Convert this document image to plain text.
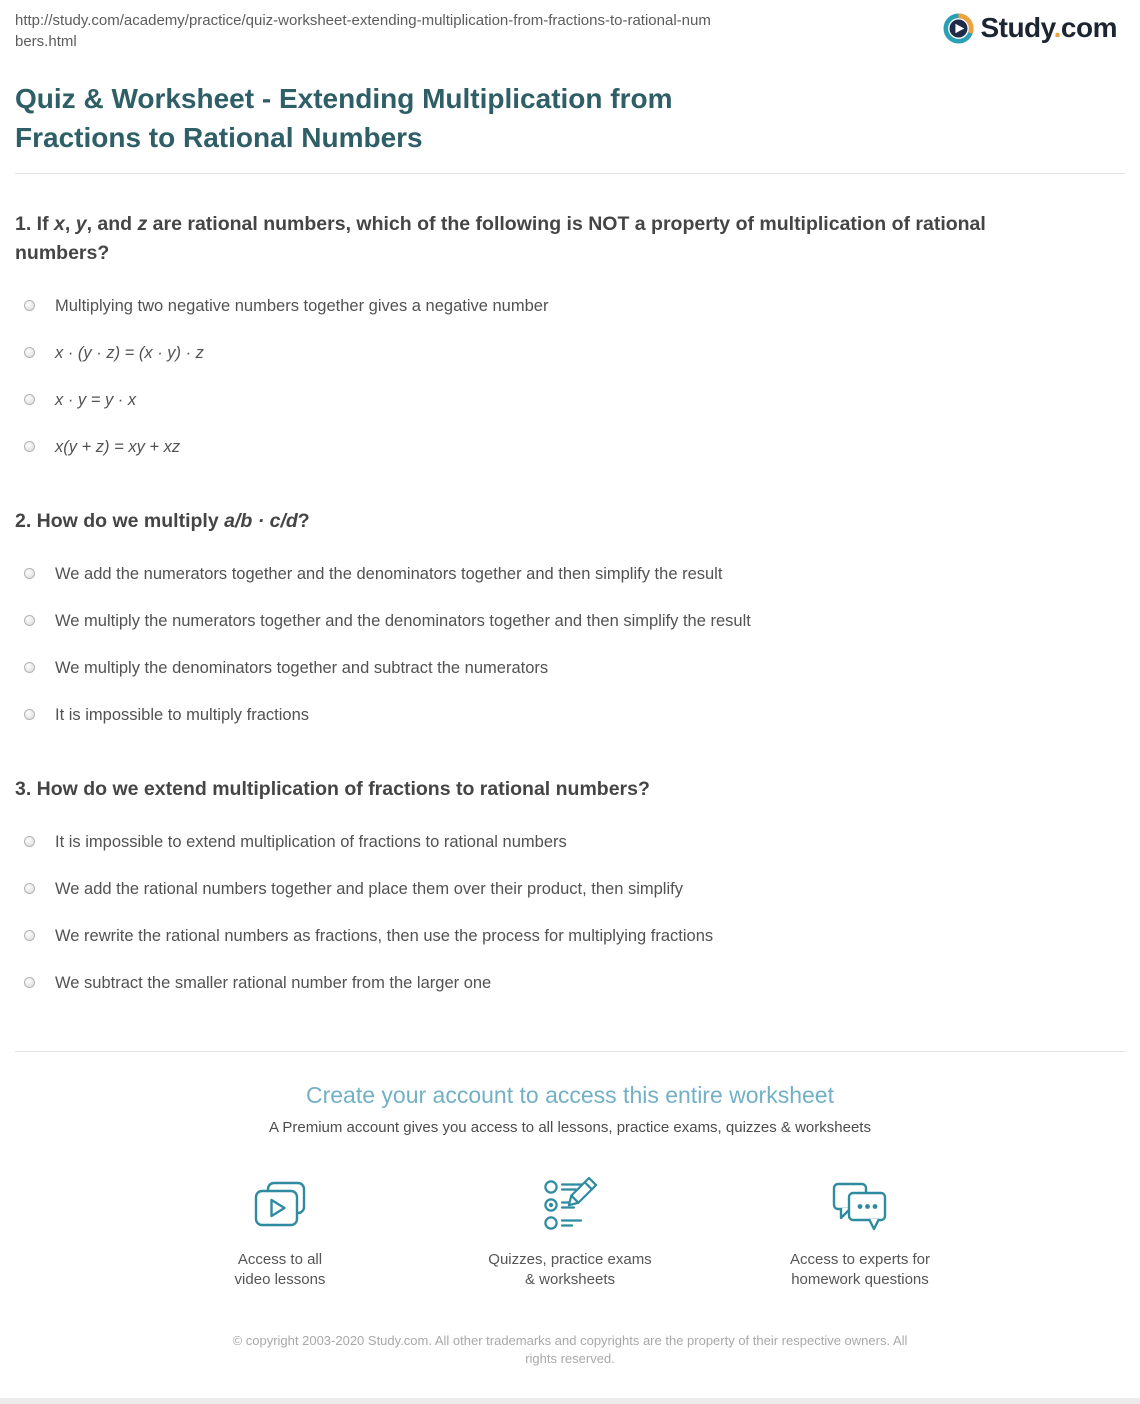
http://study.com/academy/practice/quiz-worksheet-extending-multiplication-from-fractions-to-rational-numbers.html	Study.com
Quiz & Worksheet - Extending Multiplication from Fractions to Rational Numbers
1. If x, y, and z are rational numbers, which of the following is NOT a property of multiplication of rational numbers?
Multiplying two negative numbers together gives a negative number
x · (y · z) = (x · y) · z
x · y = y · x
x(y + z) = xy + xz
2. How do we multiply a/b · c/d?
We add the numerators together and the denominators together and then simplify the result
We multiply the numerators together and the denominators together and then simplify the result
We multiply the denominators together and subtract the numerators
It is impossible to multiply fractions
3. How do we extend multiplication of fractions to rational numbers?
It is impossible to extend multiplication of fractions to rational numbers
We add the rational numbers together and place them over their product, then simplify
We rewrite the rational numbers as fractions, then use the process for multiplying fractions
We subtract the smaller rational number from the larger one
Create your account to access this entire worksheet
A Premium account gives you access to all lessons, practice exams, quizzes & worksheets
Access to all
video lessons
Quizzes, practice exams
& worksheets
Access to experts for
homework questions
© copyright 2003-2020 Study.com. All other trademarks and copyrights are the property of their respective owners. All rights reserved.
